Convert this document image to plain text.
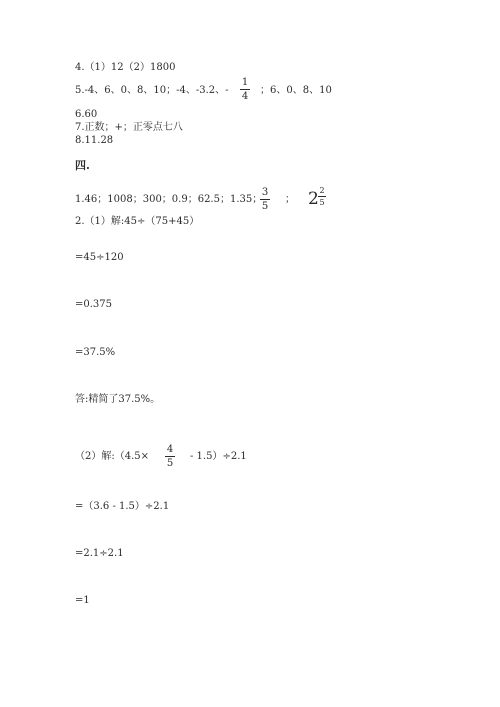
4.（1）12（2）1800
5.-4、6、0、8、10；-4、-3.2、-
1
4
；6、0、8、10
6.60
7.正数；+；正零点七八
8.11.28
四.
1.46；1008；300；0.9；62.5；1.35；
3
5
； 2 2
5
2.（1）解:45÷（75+45）
=45÷120
=0.375
=37.5%
答:精简了37.5%。
（2）解:（4.5×
4
5
- 1.5）÷2.1
=（3.6 - 1.5）÷2.1
=2.1÷2.1
=1
